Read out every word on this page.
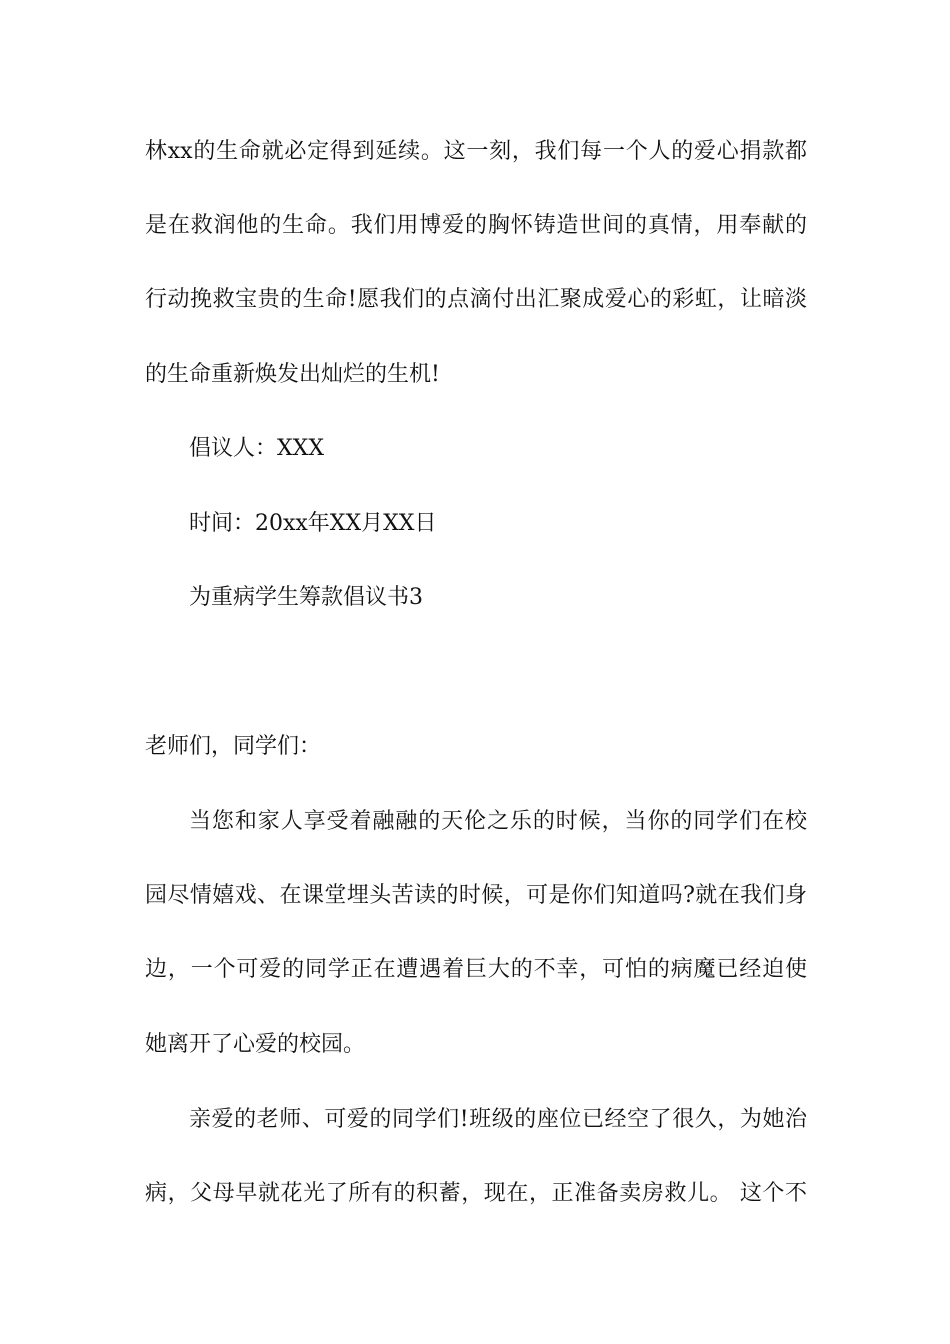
林xx的生命就必定得到延续。这一刻，我们每一个人的爱心捐款都
是在救润他的生命。我们用博爱的胸怀铸造世间的真情，用奉献的
行动挽救宝贵的生命!愿我们的点滴付出汇聚成爱心的彩虹，让暗淡
的生命重新焕发出灿烂的生机!
倡议人：XXX
时间：20xx年XX月XX日
为重病学生筹款倡议书3
老师们，同学们：
当您和家人享受着融融的天伦之乐的时候，当你的同学们在校
园尽情嬉戏、在课堂埋头苦读的时候，可是你们知道吗?就在我们身
边，一个可爱的同学正在遭遇着巨大的不幸，可怕的病魔已经迫使
她离开了心爱的校园。
亲爱的老师、可爱的同学们!班级的座位已经空了很久，为她治
病，父母早就花光了所有的积蓄，现在，正准备卖房救儿。 这个不
